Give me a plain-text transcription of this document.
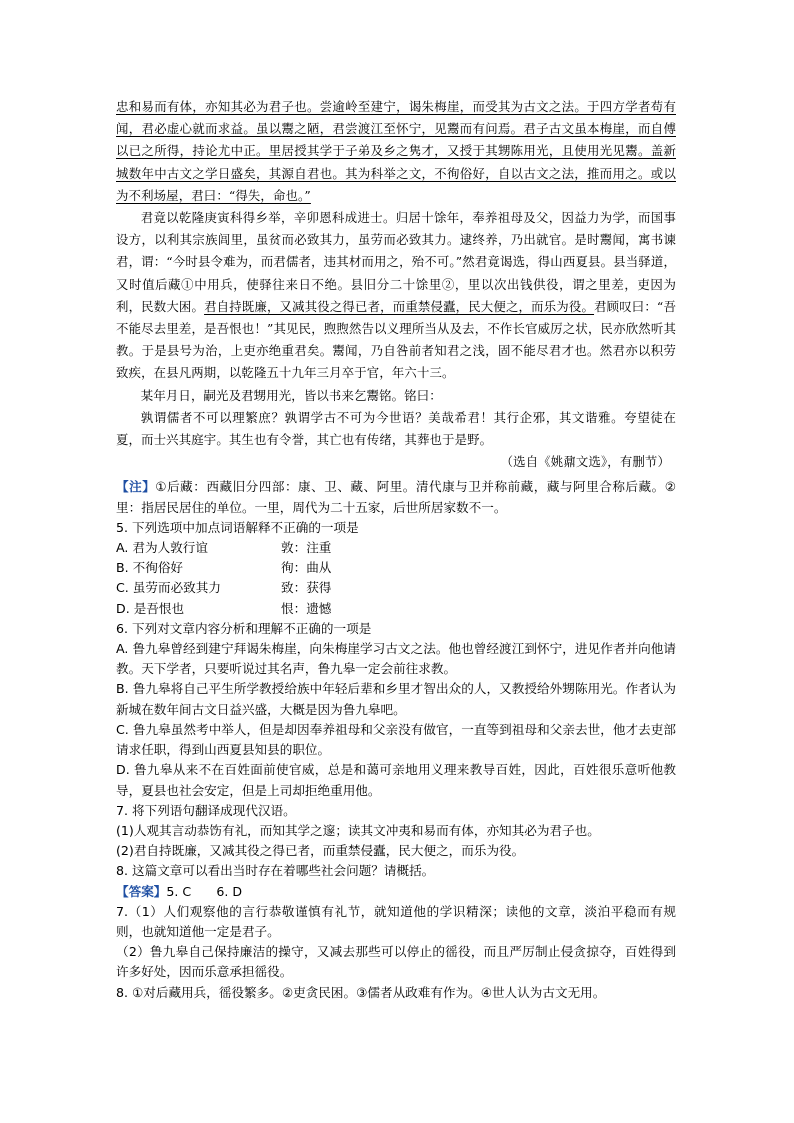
忠和易而有体，亦知其必为君子也。尝逾岭至建宁，谒朱梅崖，而受其为古文之法。于四方学者苟有闻，君必虚心就而求益。虽以鬻之陋，君尝渡江至怀宁，见鬻而有问焉。君子古文虽本梅崖，而自傅以已之所得，持论尤中正。里居授其学于子弟及乡之隽才，又授于其甥陈用光，且使用光见鬻。盖新城数年中古文之学日盛矣，其源自君也。其为科举之文，不徇俗好，自以古文之法，推而用之。或以为不利场屋，君曰：“得失，命也。”

君竟以乾隆庚寅科得乡举，辛卯恩科成进士。归居十馀年，奉养祖母及父，因益力为学，而国事设方，以利其宗族闾里，虽贫而必致其力，虽劳而必致其力。逮终养，乃出就官。是时鬻闻，寓书谏君，谓：“今时县令难为，而君儒者，违其材而用之，殆不可。”然君竟谒选，得山西夏县。县当驿道，又时值后藏①中用兵，使驿往来日不绝。县旧分二十馀里②，里以次出钱供役，谓之里差，吏因为利，民数大困。君自持既廉，又减其役之得已者，而重禁侵蠹，民大便之，而乐为役。君顾叹曰：“吾不能尽去里差，是吾恨也！”其见民，煦煦然告以义理所当从及去，不作长官威厉之状，民亦欣然听其教。于是县号为治，上吏亦绝重君矣。鬻闻，乃自咎前者知君之浅，固不能尽君才也。然君亦以积劳致疾，在县凡两期，以乾隆五十九年三月卒于官，年六十三。

某年月日，嗣光及君甥用光，皆以书来乞鬻铭。铭曰：

孰谓儒者不可以理繁庶？孰谓学古不可为今世语？美哉希君！其行企邪，其文谐雅。夸望徒在夏，而士兴其庭宇。其生也有令誉，其亡也有传绪，其葬也于是野。

（选自《姚鼐文选》，有删节）

【注】①后藏：西藏旧分四部：康、卫、藏、阿里。清代康与卫并称前藏，藏与阿里合称后藏。②里：指居民居住的单位。一里，周代为二十五家，后世所居家数不一。

5. 下列选项中加点词语解释不正确的一项是

A. 君为人敦行谊	敦：注重
B. 不徇俗好	徇：曲从
C. 虽劳而必致其力	致：获得
D. 是吾恨也	恨：遗憾

6. 下列对文章内容分析和理解不正确的一项是

A. 鲁九皋曾经到建宁拜谒朱梅崖，向朱梅崖学习古文之法。他也曾经渡江到怀宁，进见作者并向他请教。天下学者，只要听说过其名声，鲁九皋一定会前往求教。

B. 鲁九皋将自己平生所学教授给族中年轻后辈和乡里才智出众的人，又教授给外甥陈用光。作者认为新城在数年间古文日益兴盛，大概是因为鲁九皋吧。

C. 鲁九皋虽然考中举人，但是却因奉养祖母和父亲没有做官，一直等到祖母和父亲去世，他才去吏部请求任职，得到山西夏县知县的职位。

D. 鲁九皋从来不在百姓面前使官威，总是和蔼可亲地用义理来教导百姓，因此，百姓很乐意听他教导，夏县也社会安定，但是上司却拒绝重用他。

7. 将下列语句翻译成现代汉语。

(1)人观其言动恭饬有礼，而知其学之邃；读其文冲夷和易而有体，亦知其必为君子也。

(2)君自持既廉，又减其役之得已者，而重禁侵蠹，民大便之，而乐为役。

8. 这篇文章可以看出当时存在着哪些社会问题？请概括。

【答案】5. C　　6. D

7.（1）人们观察他的言行恭敬谨慎有礼节，就知道他的学识精深；读他的文章，淡泊平稳而有规则，也就知道他一定是君子。

（2）鲁九皋自己保持廉洁的操守，又减去那些可以停止的徭役，而且严厉制止侵贪掠夺，百姓得到许多好处，因而乐意承担徭役。

8. ①对后藏用兵，徭役繁多。②吏贪民困。③儒者从政难有作为。④世人认为古文无用。
